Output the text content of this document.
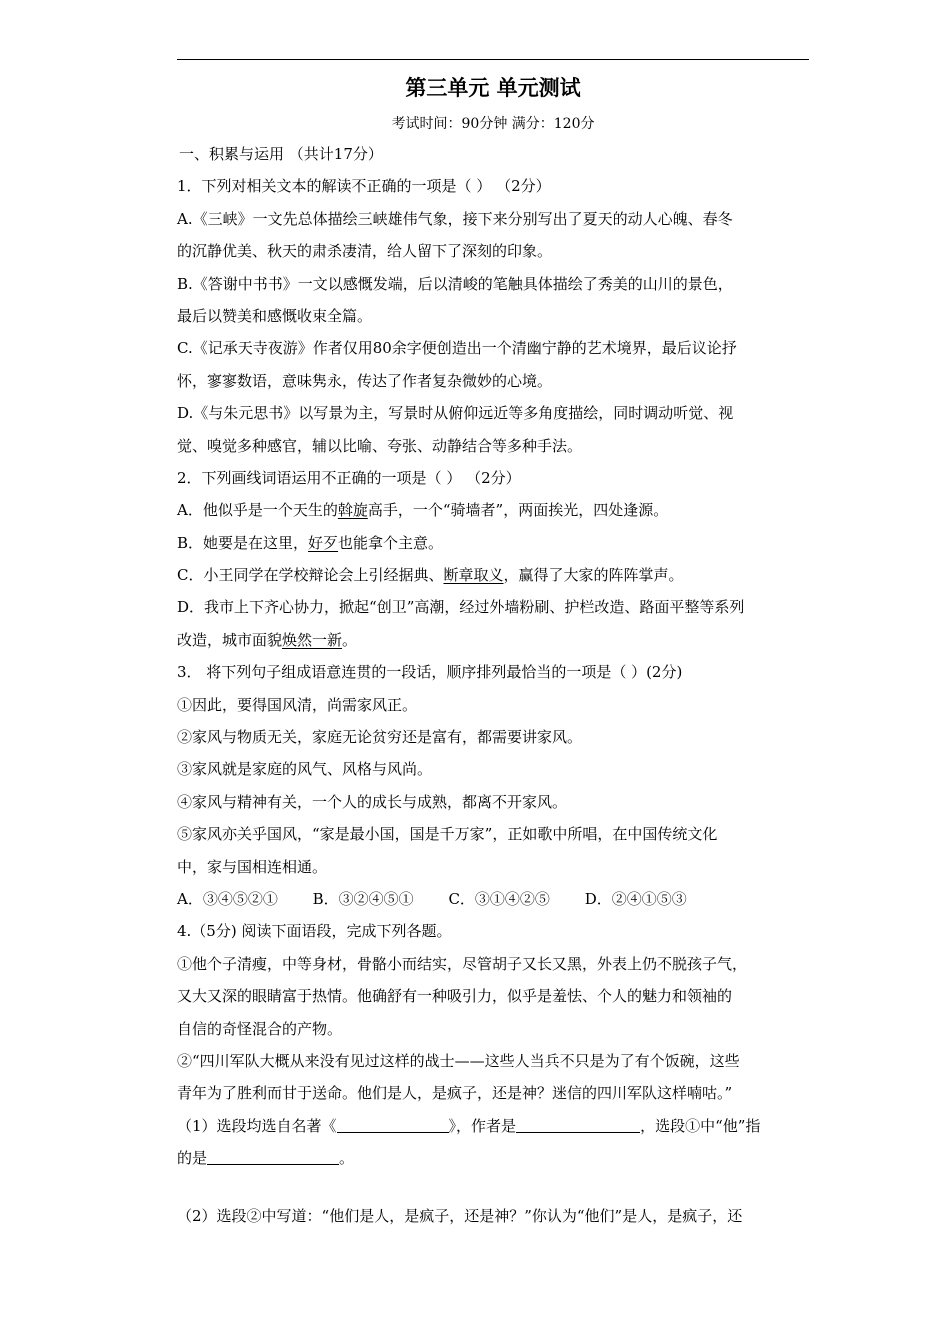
第三单元 单元测试
考试时间：90分钟 满分：120分
一、积累与运用 （共计17分）
1．下列对相关文本的解读不正确的一项是（ ） （2分）
A.《三峡》一文先总体描绘三峡雄伟气象，接下来分别写出了夏天的动人心魄、春冬
的沉静优美、秋天的肃杀凄清，给人留下了深刻的印象。
B.《答谢中书书》一文以感慨发端，后以清峻的笔触具体描绘了秀美的山川的景色，
最后以赞美和感慨收束全篇。
C.《记承天寺夜游》作者仅用80余字便创造出一个清幽宁静的艺术境界，最后议论抒
怀，寥寥数语，意味隽永，传达了作者复杂微妙的心境。
D.《与朱元思书》以写景为主，写景时从俯仰远近等多角度描绘，同时调动听觉、视
觉、嗅觉多种感官，辅以比喻、夸张、动静结合等多种手法。
2．下列画线词语运用不正确的一项是（ ） （2分）
A．他似乎是一个天生的斡旋高手，一个“骑墙者”，两面挨光，四处逢源。
B．她要是在这里，好歹也能拿个主意。
C．小王同学在学校辩论会上引经据典、断章取义，赢得了大家的阵阵掌声。
D．我市上下齐心协力，掀起“创卫”高潮，经过外墙粉刷、护栏改造、路面平整等系列
改造，城市面貌焕然一新。
3． 将下列句子组成语意连贯的一段话，顺序排列最恰当的一项是（ ）(2分)
①因此，要得国风清，尚需家风正。
②家风与物质无关，家庭无论贫穷还是富有，都需要讲家风。
③家风就是家庭的风气、风格与风尚。
④家风与精神有关，一个人的成长与成熟，都离不开家风。
⑤家风亦关乎国风，“家是最小国，国是千万家”，正如歌中所唱，在中国传统文化
中，家与国相连相通。
A．③④⑤②① B．③②④⑤① C．③①④②⑤ D．②④①⑤③
4.（5分) 阅读下面语段，完成下列各题。
①他个子清瘦，中等身材，骨骼小而结实，尽管胡子又长又黑，外表上仍不脱孩子气，
又大又深的眼睛富于热情。他确舒有一种吸引力，似乎是羞怯、个人的魅力和领袖的
自信的奇怪混合的产物。
②“四川军队大概从来没有见过这样的战士——这些人当兵不只是为了有个饭碗，这些
青年为了胜利而甘于送命。他们是人，是疯子，还是神？迷信的四川军队这样喃咕。”
（1）选段均选自名著《	》，作者是	，选段①中“他”指
的是	。
（2）选段②中写道：“他们是人，是疯子，还是神？”你认为“他们”是人，是疯子，还
